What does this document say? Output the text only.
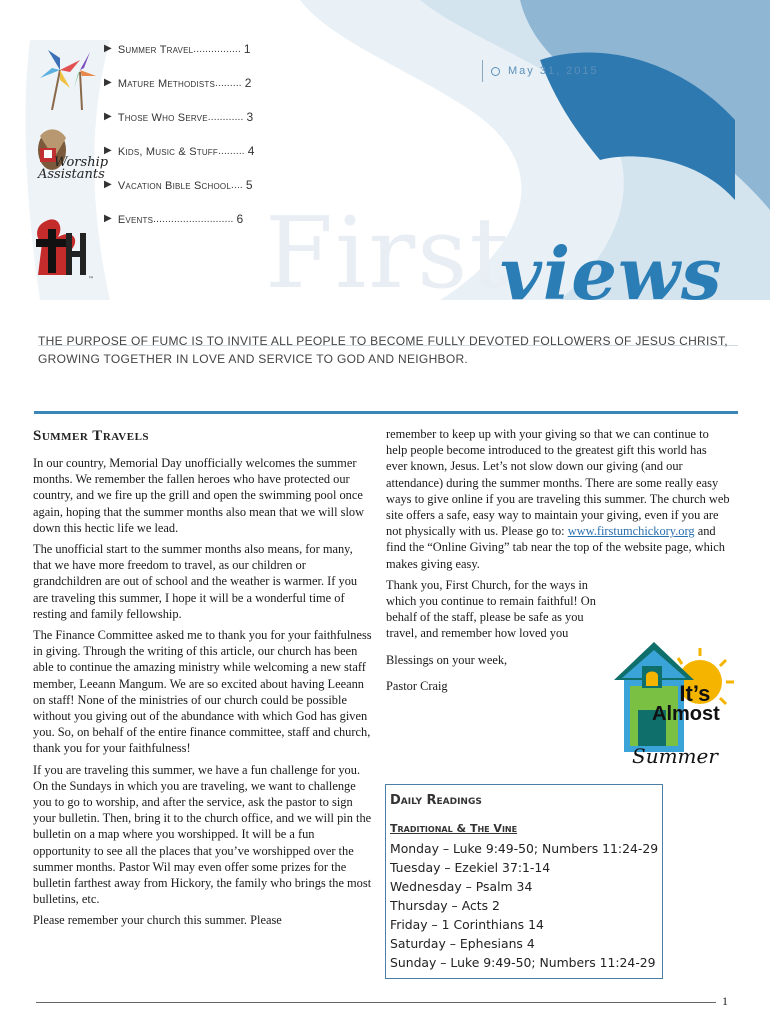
Worship
Assistants
™
▶ Summer Travel ................ 1
▶ Mature Methodists ......... 2
▶ Those Who Serve ............ 3
▶ Kids, Music & Stuff ......... 4
▶ Vacation Bible School .... 5
▶ Events ........................... 6
May 31, 2015
First
views
THE PURPOSE OF FUMC IS TO INVITE ALL PEOPLE TO BECOME FULLY DEVOTED FOLLOWERS OF JESUS CHRIST, GROWING TOGETHER IN LOVE AND SERVICE TO GOD AND NEIGHBOR.
Summer Travels

In our country, Memorial Day unofficially welcomes the summer months. We remember the fallen heroes who have protected our country, and we fire up the grill and open the swimming pool once again, hoping that the summer months also mean that we will slow down this hectic life we lead.

The unofficial start to the summer months also means, for many, that we have more freedom to travel, as our children or grandchildren are out of school and the weather is warmer. If you are traveling this summer, I hope it will be a wonderful time of resting and family fellowship.

The Finance Committee asked me to thank you for your faithfulness in giving. Through the writing of this article, our church has been able to continue the amazing ministry while welcoming a new staff member, Leeann Mangum. We are so excited about having Leeann on staff! None of the ministries of our church could be possible without you giving out of the abundance with which God has given you. So, on behalf of the entire finance committee, staff and church, thank you for your faithfulness!

If you are traveling this summer, we have a fun challenge for you. On the Sundays in which you are traveling, we want to challenge you to go to worship, and after the service, ask the pastor to sign your bulletin. Then, bring it to the church office, and we will pin the bulletin on a map where you worshipped. It will be a fun opportunity to see all the places that you’ve worshipped over the summer months. Pastor Wil may even offer some prizes for the bulletin farthest away from Hickory, the family who brings the most bulletins, etc.

Please remember your church this summer. Please

remember to keep up with your giving so that we can continue to help people become introduced to the greatest gift this world has ever known, Jesus. Let’s not slow down our giving (and our attendance) during the summer months. There are some really easy ways to give online if you are traveling this summer. The church web site offers a safe, easy way to maintain your giving, even if you are not physically with us. Please go to: www.firstumchickory.org and find the “Online Giving” tab near the top of the website page, which makes giving easy.

Thank you, First Church, for the ways in which you continue to remain faithful! On behalf of the staff, please be safe as you travel, and remember how loved you

Blessings on your week,

Pastor Craig	It’s
Almost
Summer
Daily Readings
Traditional & The Vine
Monday – Luke 9:49-50; Numbers 11:24-29
Tuesday – Ezekiel 37:1-14
Wednesday – Psalm 34
Thursday – Acts 2
Friday – 1 Corinthians 14
Saturday – Ephesians 4
Sunday – Luke 9:49-50; Numbers 11:24-29
1
